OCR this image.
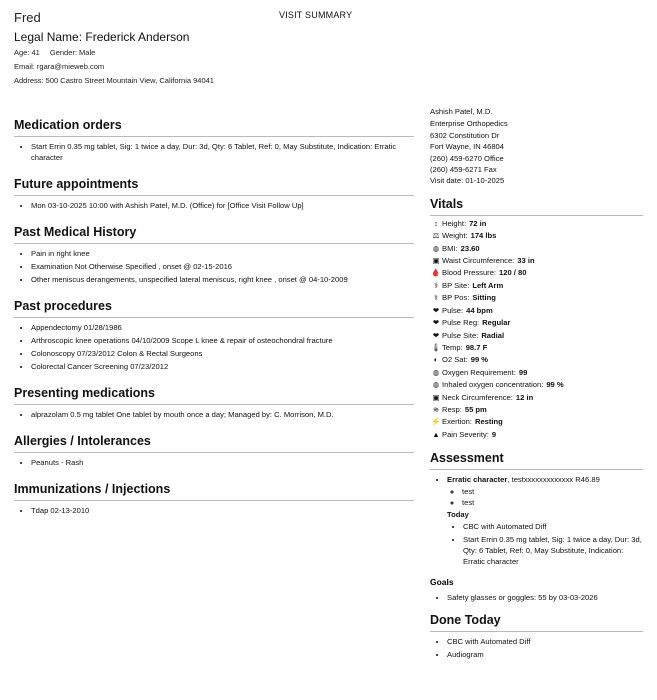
Fred
Legal Name: Frederick Anderson
Age: 41 Gender: Male
Email: rgara@mieweb.com
Address: 500 Castro Street Mountain View, California 94041
VISIT SUMMARY
Medication orders
• Start Errin 0.35 mg tablet, Sig: 1 twice a day, Dur: 3d, Qty: 6 Tablet, Ref: 0, May Substitute, Indication: Erratic character
Future appointments
• Mon 03-10-2025 10:00 with Ashish Patel, M.D. (Office) for [Office Visit Follow Up]
Past Medical History
• Pain in right knee
• Examination Not Otherwise Specified , onset @ 02-15-2016
• Other meniscus derangements, unspecified lateral meniscus, right knee , onset @ 04-10-2009
Past procedures
• Appendectomy 01/28/1986
• Arthroscopic knee operations 04/10/2009 Scope L knee & repair of osteochondral fracture
• Colonoscopy 07/23/2012 Colon & Rectal Surgeons
• Colorectal Cancer Screening 07/23/2012
Presenting medications
• alprazolam 0.5 mg tablet One tablet by mouth once a day; Managed by: C. Morrison, M.D.
Allergies / Intolerances
• Peanuts - Rash
Immunizations / Injections
• Tdap 02-13-2010
Ashish Patel, M.D.
Enterprise Orthopedics
6302 Constitution Dr
Fort Wayne, IN 46804
(260) 459-6270 Office
(260) 459-6271 Fax
Visit date: 01-10-2025
Vitals
↕ Height: 72 in
⚖ Weight: 174 lbs
◍ BMI: 23.60
▣ Waist Circumference: 33 in
🩸 Blood Pressure: 120 / 80
⚕ BP Site: Left Arm
⚕ BP Pos: Sitting
❤ Pulse: 44 bpm
❤ Pulse Reg: Regular
❤ Pulse Site: Radial
🌡 Temp: 98.7 F
◐ O2 Sat: 99 %
◍ Oxygen Requirement: 99
◍ Inhaled oxygen concentration: 99 %
▣ Neck Circumference: 12 in
≋ Resp: 55 pm
⚡ Exertion: Resting
▲ Pain Severity: 9
Assessment
• Erratic character, testxxxxxxxxxxxxx R46.89
◦ test
◦ test
Today
• CBC with Automated Diff
• Start Errin 0.35 mg tablet, Sig: 1 twice a day, Dur: 3d, Qty: 6 Tablet, Ref: 0, May Substitute, Indication: Erratic character
Goals
• Safety glasses or goggles: 55 by 03-03-2026
Done Today
• CBC with Automated Diff
• Audiogram
